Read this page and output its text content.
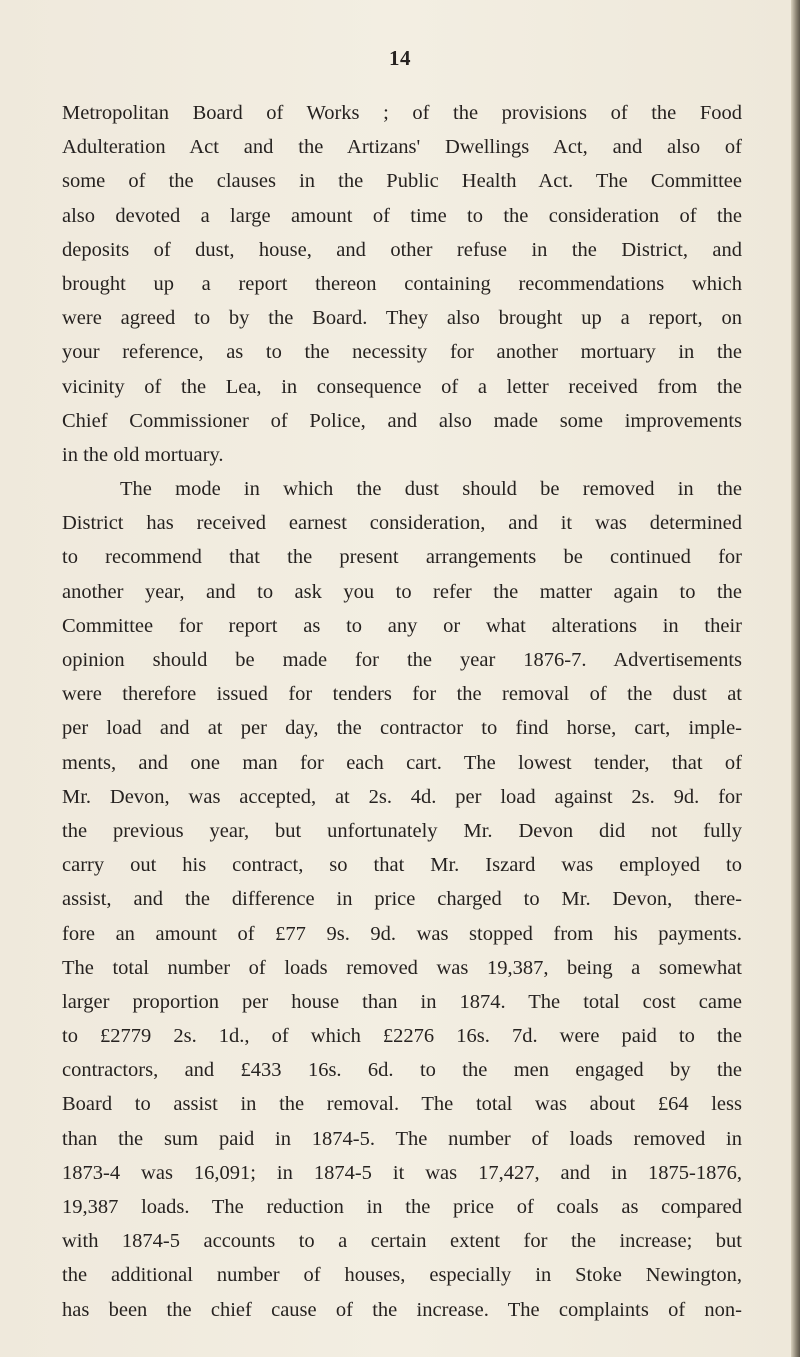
14
Metropolitan Board of Works ; of the provisions of the Food
Adulteration Act and the Artizans' Dwellings Act, and also of
some of the clauses in the Public Health Act. The Committee
also devoted a large amount of time to the consideration of the
deposits of dust, house, and other refuse in the District, and
brought up a report thereon containing recommendations which
were agreed to by the Board. They also brought up a report, on
your reference, as to the necessity for another mortuary in the
vicinity of the Lea, in consequence of a letter received from the
Chief Commissioner of Police, and also made some improvements
in the old mortuary.
The mode in which the dust should be removed in the
District has received earnest consideration, and it was determined
to recommend that the present arrangements be continued for
another year, and to ask you to refer the matter again to the
Committee for report as to any or what alterations in their
opinion should be made for the year 1876-7. Advertisements
were therefore issued for tenders for the removal of the dust at
per load and at per day, the contractor to find horse, cart, imple-
ments, and one man for each cart. The lowest tender, that of
Mr. Devon, was accepted, at 2s. 4d. per load against 2s. 9d. for
the previous year, but unfortunately Mr. Devon did not fully
carry out his contract, so that Mr. Iszard was employed to
assist, and the difference in price charged to Mr. Devon, there-
fore an amount of £77 9s. 9d. was stopped from his payments.
The total number of loads removed was 19,387, being a somewhat
larger proportion per house than in 1874. The total cost came
to £2779 2s. 1d., of which £2276 16s. 7d. were paid to the
contractors, and £433 16s. 6d. to the men engaged by the
Board to assist in the removal. The total was about £64 less
than the sum paid in 1874-5. The number of loads removed in
1873-4 was 16,091; in 1874-5 it was 17,427, and in 1875-1876,
19,387 loads. The reduction in the price of coals as compared
with 1874-5 accounts to a certain extent for the increase; but
the additional number of houses, especially in Stoke Newington,
has been the chief cause of the increase. The complaints of non-
